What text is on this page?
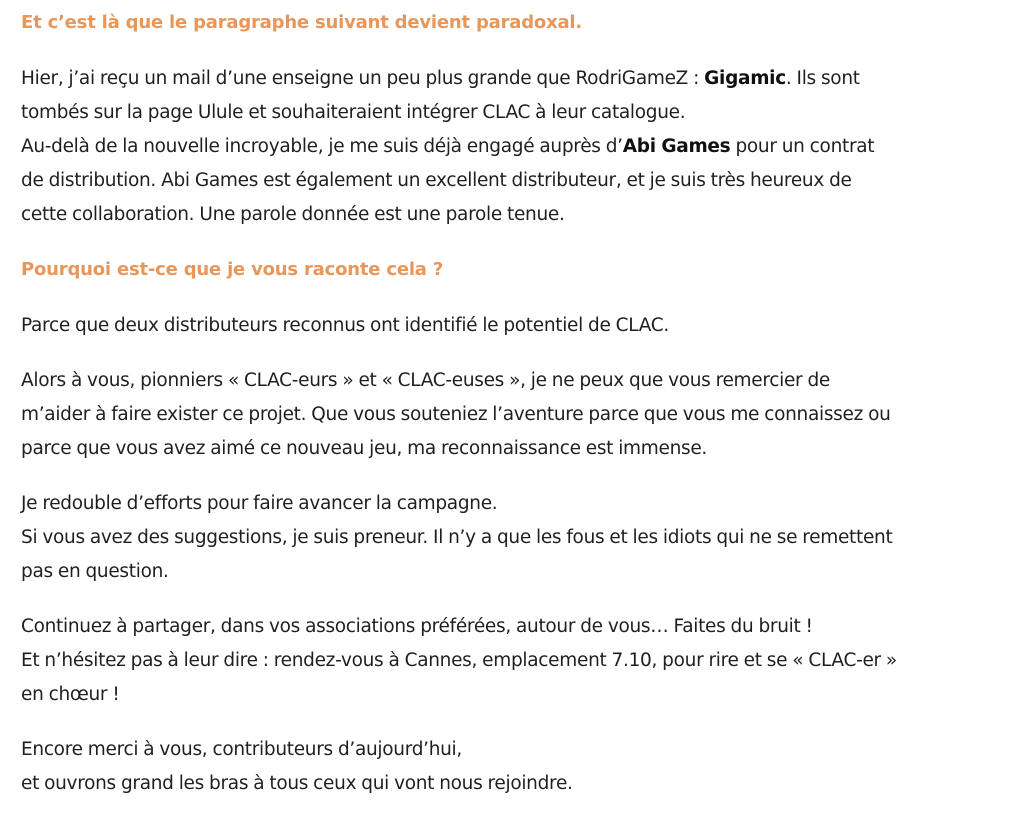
Et c’est là que le paragraphe suivant devient paradoxal.

Hier, j’ai reçu un mail d’une enseigne un peu plus grande que RodriGameZ : Gigamic. Ils sont
tombés sur la page Ulule et souhaiteraient intégrer CLAC à leur catalogue.
Au-delà de la nouvelle incroyable, je me suis déjà engagé auprès d’Abi Games pour un contrat
de distribution. Abi Games est également un excellent distributeur, et je suis très heureux de
cette collaboration. Une parole donnée est une parole tenue.

Pourquoi est-ce que je vous raconte cela ?

Parce que deux distributeurs reconnus ont identifié le potentiel de CLAC.

Alors à vous, pionniers « CLAC-eurs » et « CLAC-euses », je ne peux que vous remercier de
m’aider à faire exister ce projet. Que vous souteniez l’aventure parce que vous me connaissez ou
parce que vous avez aimé ce nouveau jeu, ma reconnaissance est immense.

Je redouble d’efforts pour faire avancer la campagne.
Si vous avez des suggestions, je suis preneur. Il n’y a que les fous et les idiots qui ne se remettent
pas en question.

Continuez à partager, dans vos associations préférées, autour de vous… Faites du bruit !
Et n’hésitez pas à leur dire : rendez-vous à Cannes, emplacement 7.10, pour rire et se « CLAC-er »
en chœur !

Encore merci à vous, contributeurs d’aujourd’hui,
et ouvrons grand les bras à tous ceux qui vont nous rejoindre.
